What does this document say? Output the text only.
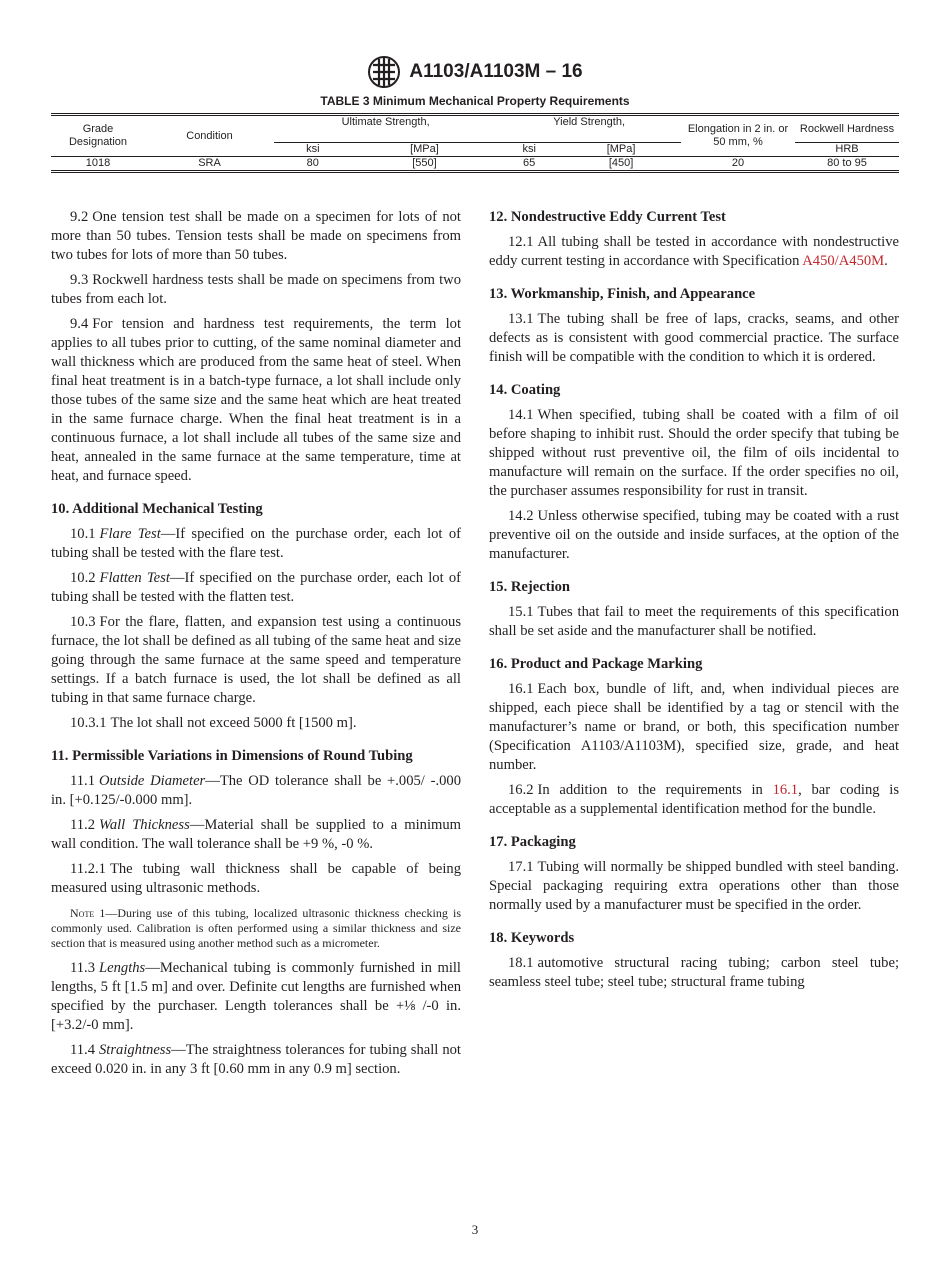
A1103/A1103M – 16
TABLE 3 Minimum Mechanical Property Requirements
Grade Designation	Condition	Ultimate Strength,		Yield Strength,		Elongation in 2 in. or 50 mm, %	Rockwell Hardness
		ksi	[MPa]	ksi	[MPa]		HRB
1018	SRA	80	[550]	65	[450]	20	80 to 95
9.2 One tension test shall be made on a specimen for lots of not more than 50 tubes. Tension tests shall be made on specimens from two tubes for lots of more than 50 tubes.
9.3 Rockwell hardness tests shall be made on specimens from two tubes from each lot.
9.4 For tension and hardness test requirements, the term lot applies to all tubes prior to cutting, of the same nominal diameter and wall thickness which are produced from the same heat of steel. When final heat treatment is in a batch-type furnace, a lot shall include only those tubes of the same size and the same heat which are heat treated in the same furnace charge. When the final heat treatment is in a continuous furnace, a lot shall include all tubes of the same size and heat, annealed in the same furnace at the same temperature, time at heat, and furnace speed.
10. Additional Mechanical Testing
10.1 Flare Test—If specified on the purchase order, each lot of tubing shall be tested with the flare test.
10.2 Flatten Test—If specified on the purchase order, each lot of tubing shall be tested with the flatten test.
10.3 For the flare, flatten, and expansion test using a continuous furnace, the lot shall be defined as all tubing of the same heat and size going through the same furnace at the same speed and temperature settings. If a batch furnace is used, the lot shall be defined as all tubing in that same furnace charge.
10.3.1 The lot shall not exceed 5000 ft [1500 m].
11. Permissible Variations in Dimensions of Round Tubing
11.1 Outside Diameter—The OD tolerance shall be +.005/ -.000 in. [+0.125/-0.000 mm].
11.2 Wall Thickness—Material shall be supplied to a minimum wall condition. The wall tolerance shall be +9 %, -0 %.
11.2.1 The tubing wall thickness shall be capable of being measured using ultrasonic methods.
Note 1—During use of this tubing, localized ultrasonic thickness checking is commonly used. Calibration is often performed using a similar thickness and size section that is measured using another method such as a micrometer.
11.3 Lengths—Mechanical tubing is commonly furnished in mill lengths, 5 ft [1.5 m] and over. Definite cut lengths are furnished when specified by the purchaser. Length tolerances shall be +⅛ /-0 in. [+3.2/-0 mm].
11.4 Straightness—The straightness tolerances for tubing shall not exceed 0.020 in. in any 3 ft [0.60 mm in any 0.9 m] section.
12. Nondestructive Eddy Current Test
12.1 All tubing shall be tested in accordance with nondestructive eddy current testing in accordance with Specification A450/A450M.
13. Workmanship, Finish, and Appearance
13.1 The tubing shall be free of laps, cracks, seams, and other defects as is consistent with good commercial practice. The surface finish will be compatible with the condition to which it is ordered.
14. Coating
14.1 When specified, tubing shall be coated with a film of oil before shaping to inhibit rust. Should the order specify that tubing be shipped without rust preventive oil, the film of oils incidental to manufacture will remain on the surface. If the order specifies no oil, the purchaser assumes responsibility for rust in transit.
14.2 Unless otherwise specified, tubing may be coated with a rust preventive oil on the outside and inside surfaces, at the option of the manufacturer.
15. Rejection
15.1 Tubes that fail to meet the requirements of this specification shall be set aside and the manufacturer shall be notified.
16. Product and Package Marking
16.1 Each box, bundle of lift, and, when individual pieces are shipped, each piece shall be identified by a tag or stencil with the manufacturer’s name or brand, or both, this specification number (Specification A1103/A1103M), specified size, grade, and heat number.
16.2 In addition to the requirements in 16.1, bar coding is acceptable as a supplemental identification method for the bundle.
17. Packaging
17.1 Tubing will normally be shipped bundled with steel banding. Special packaging requiring extra operations other than those normally used by a manufacturer must be specified in the order.
18. Keywords
18.1 automotive structural racing tubing; carbon steel tube; seamless steel tube; steel tube; structural frame tubing
3
